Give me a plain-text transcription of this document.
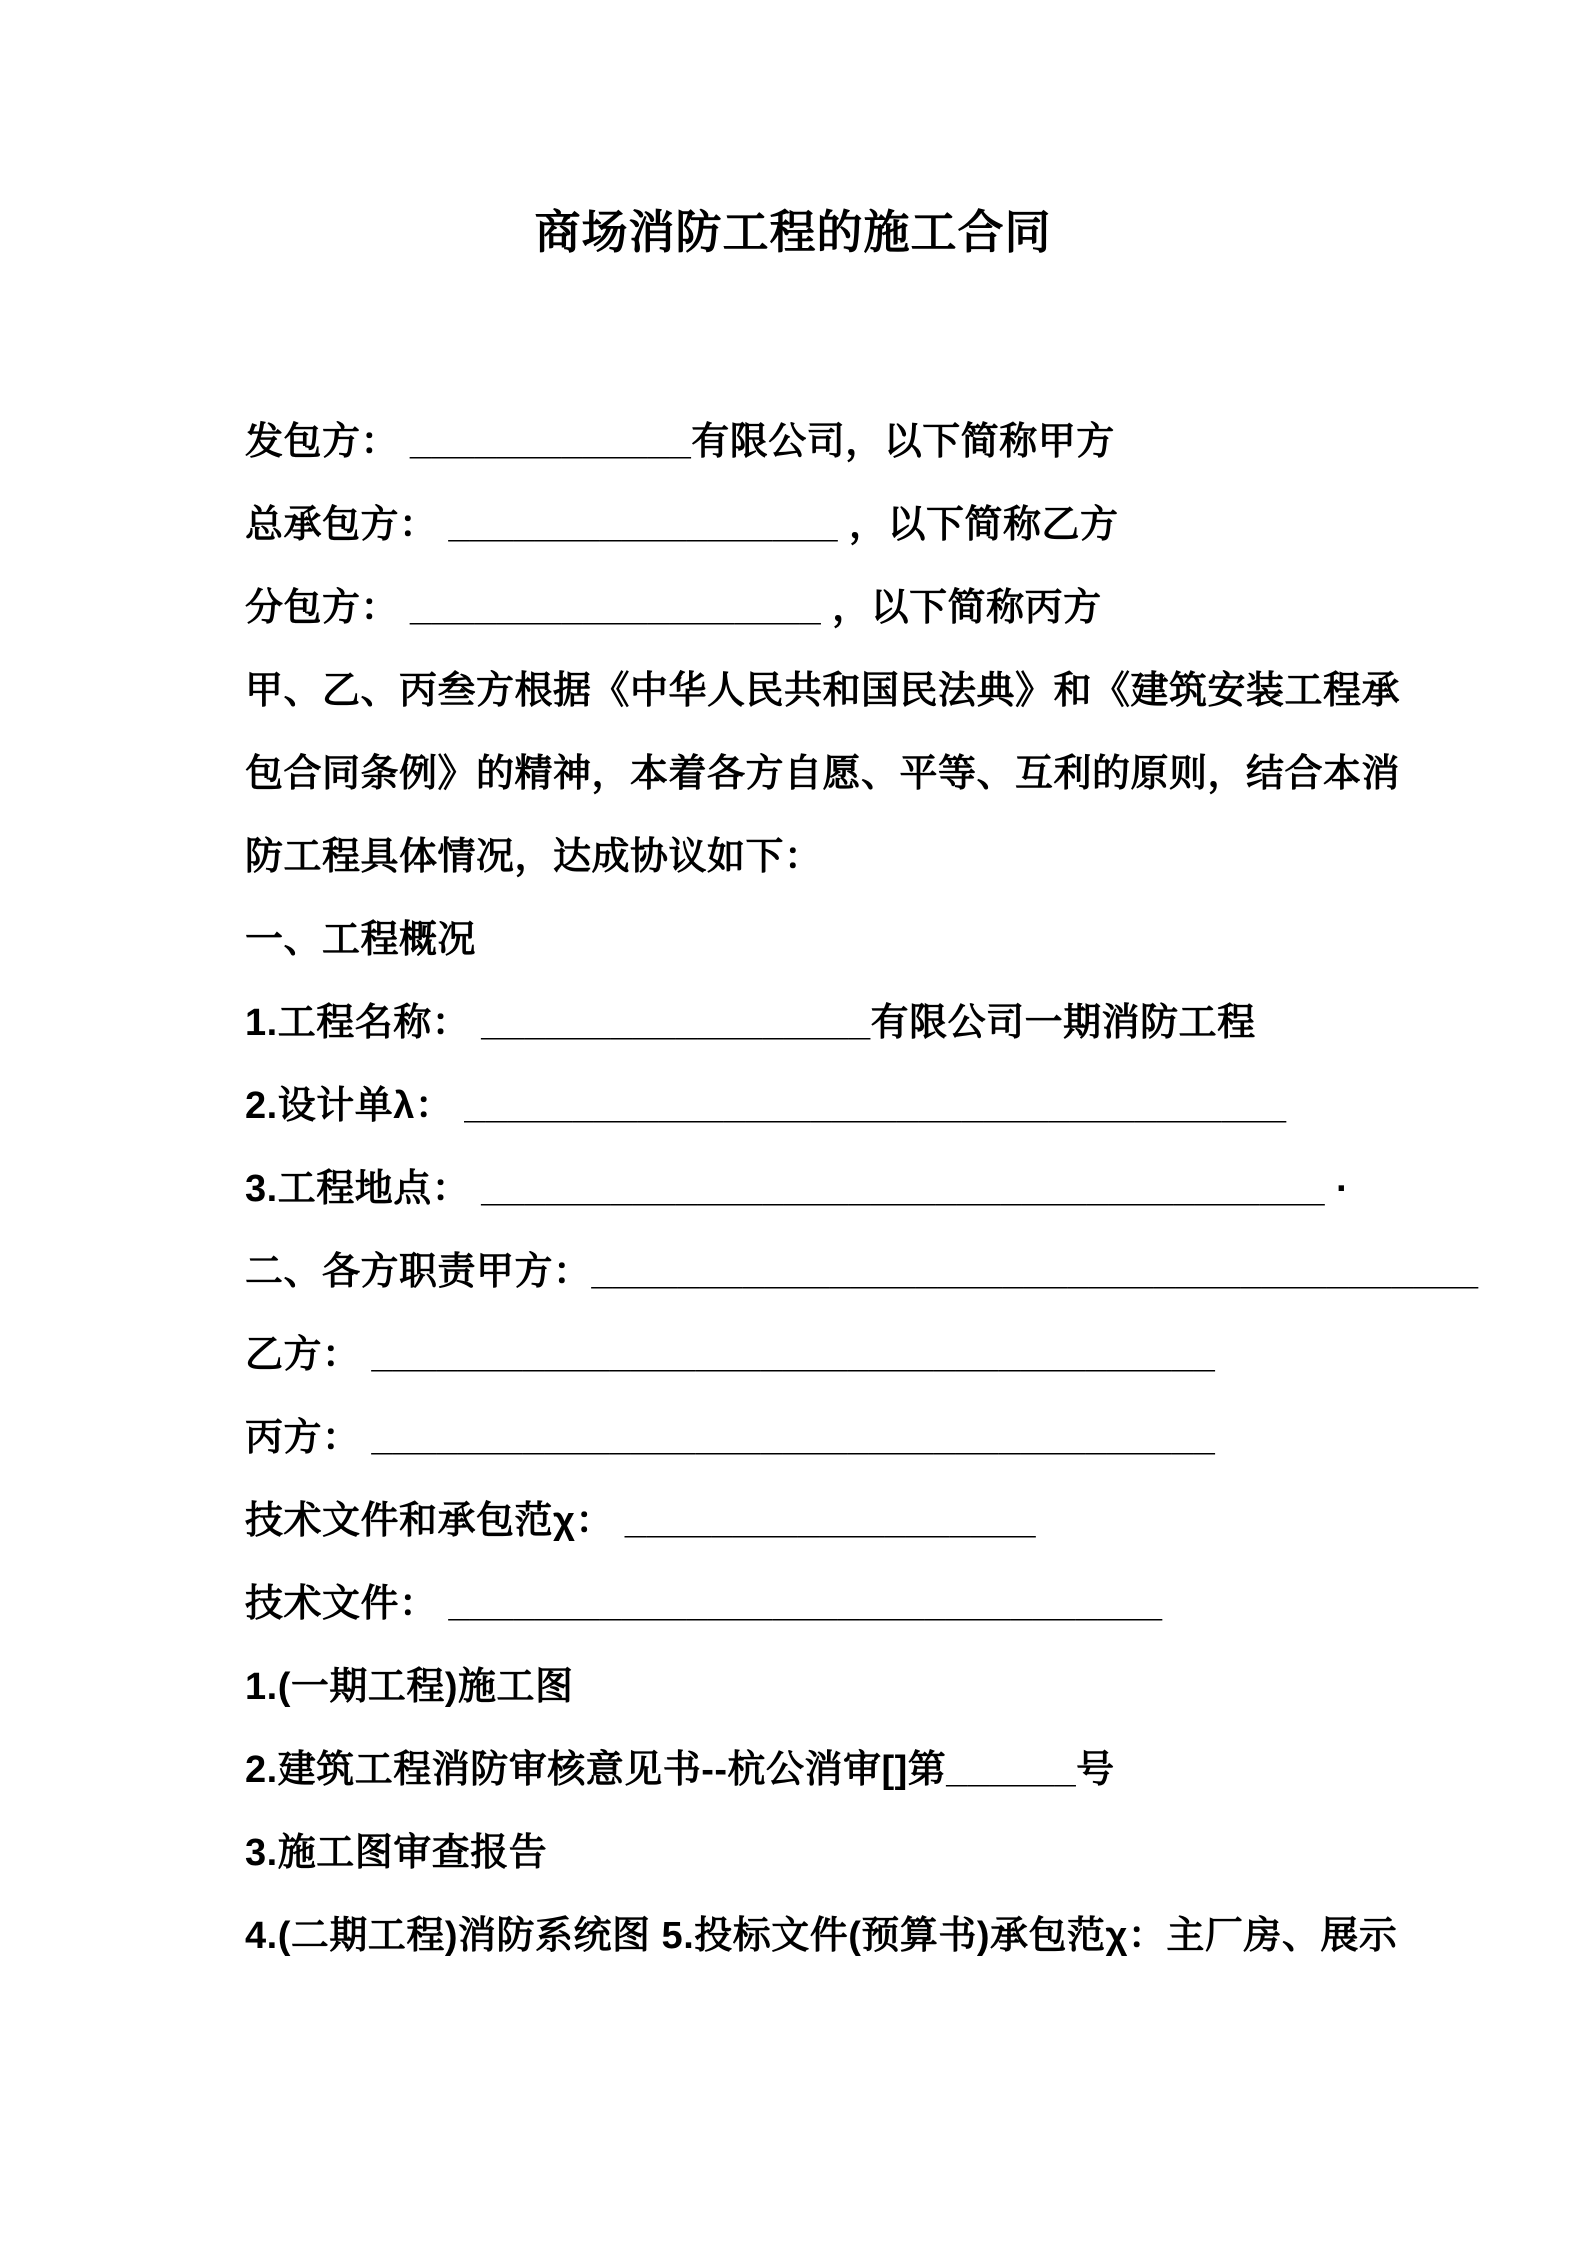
商场消防工程的施工合同
发包方： _____________有限公司，以下简称甲方
总承包方： __________________ ，以下简称乙方
分包方： ___________________ ，以下简称丙方
甲、乙、丙叁方根据《中华人民共和国民法典》和《建筑安装工程承
包合同条例》的精神，本着各方自愿、平等、互利的原则，结合本消
防工程具体情况，达成协议如下：
一、工程概况
1.工程名称： __________________有限公司一期消防工程
2.设计单λ： ______________________________________
3.工程地点： _______________________________________ ·
二、各方职责甲方：_________________________________________
乙方： _______________________________________
丙方： _______________________________________
技术文件和承包范χ： ___________________
技术文件： _________________________________
1.(一期工程)施工图
2.建筑工程消防审核意见书--杭公消审[]第______号
3.施工图审查报告
4.(二期工程)消防系统图 5.投标文件(预算书)承包范χ：主厂房、展示
